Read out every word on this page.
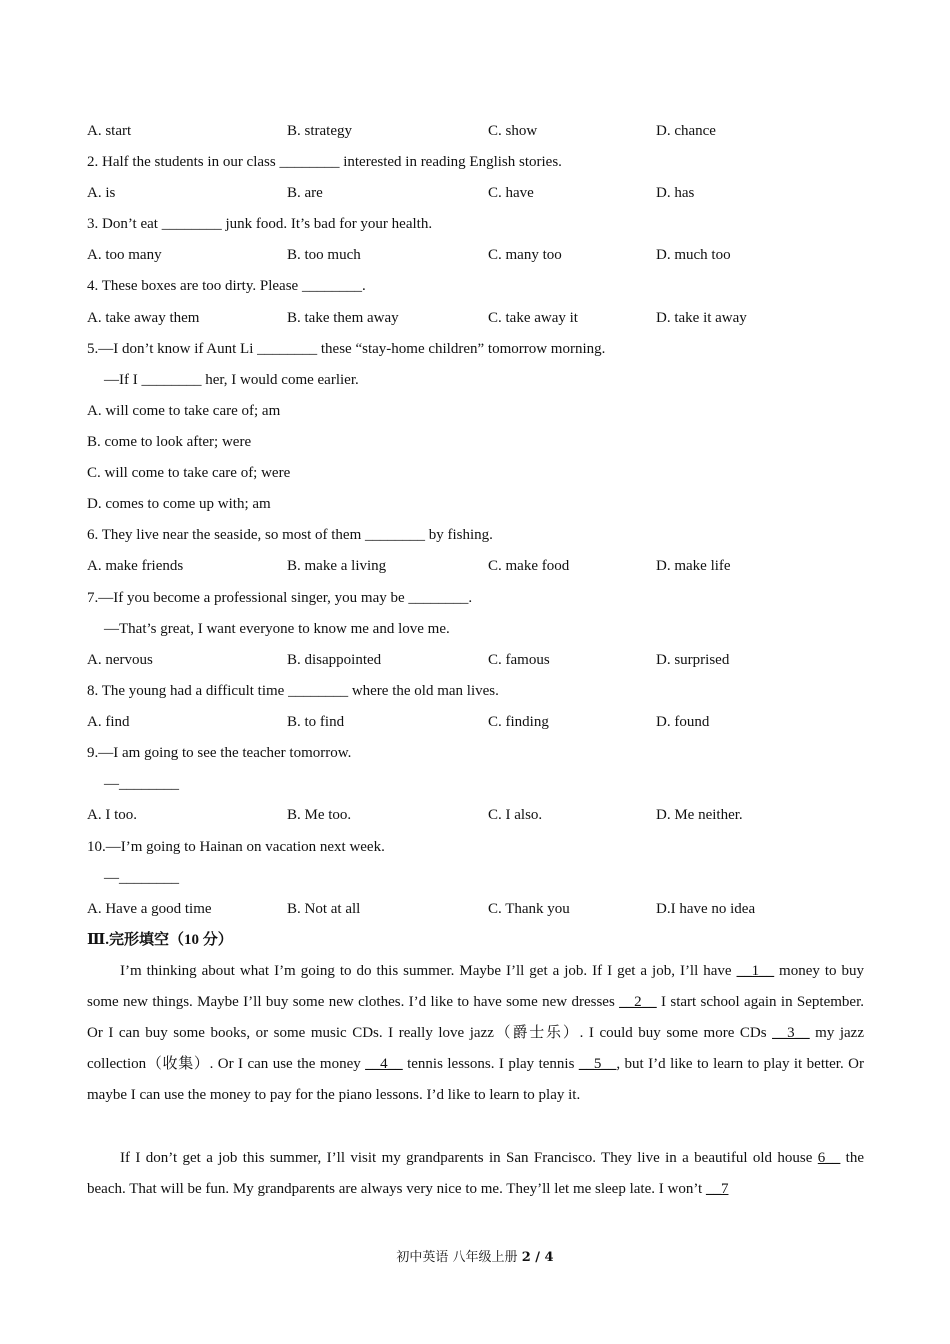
A. start	B. strategy	C. show	D. chance
2. Half the students in our class ________ interested in reading English stories.
A. is	B. are	C. have	D. has
3. Don’t eat ________ junk food. It’s bad for your health.
A. too many	B. too much	C. many too	D. much too
4. These boxes are too dirty. Please ________.
A. take away them	B. take them away	C. take away it	D. take it away
5.—I don’t know if Aunt Li ________ these “stay-home children” tomorrow morning.
—If I ________ her, I would come earlier.
A. will come to take care of; am
B. come to look after; were
C. will come to take care of; were
D. comes to come up with; am
6. They live near the seaside, so most of them ________ by fishing.
A. make friends	B. make a living	C. make food	D. make life
7.—If you become a professional singer, you may be ________.
—That’s great, I want everyone to know me and love me.
A. nervous	B. disappointed	C. famous	D. surprised
8. The young had a difficult time ________ where the old man lives.
A. find	B. to find	C. finding	D. found
9.—I am going to see the teacher tomorrow.
—________
A. I too.	B. Me too.	C. I also.	D. Me neither.
10.—I’m going to Hainan on vacation next week.
—________
A. Have a good time	B. Not at all	C. Thank you	D.I have no idea
Ⅲ.完形填空（10 分）
I’m thinking about what I’m going to do this summer. Maybe I’ll get a job. If I get a job, I’ll have __1__ money to buy some new things. Maybe I’ll buy some new clothes. I’d like to have some new dresses __2__ I start school again in September. Or I can buy some books, or some music CDs. I really love jazz（爵士乐）. I could buy some more CDs __3__ my jazz collection（收集）. Or I can use the money __4__ tennis lessons. I play tennis __5__, but I’d like to learn to play it better. Or maybe I can use the money to pay for the piano lessons. I’d like to learn to play it.
If I don’t get a job this summer, I’ll visit my grandparents in San Francisco. They live in a beautiful old house 6__ the beach. That will be fun. My grandparents are always very nice to me. They’ll let me sleep late. I won’t __7
初中英语 八年级上册 2 / 4
